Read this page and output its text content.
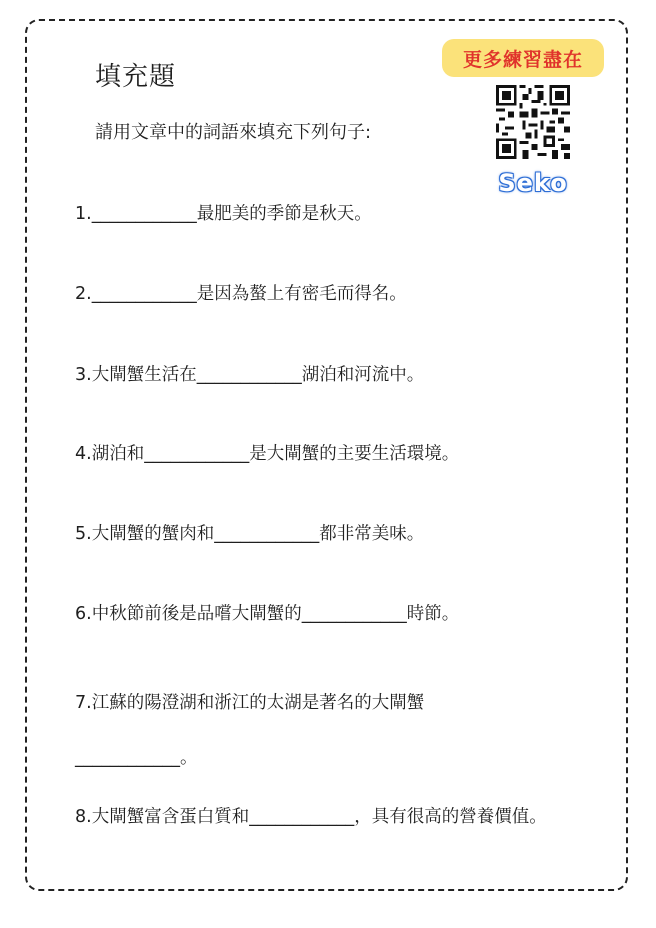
填充題
請用文章中的詞語來填充下列句子:
更多練習盡在
Seko
1.____________最肥美的季節是秋天。
2.____________是因為螯上有密毛而得名。
3.大閘蟹生活在____________湖泊和河流中。
4.湖泊和____________是大閘蟹的主要生活環境。
5.大閘蟹的蟹肉和____________都非常美味。
6.中秋節前後是品嚐大閘蟹的____________時節。
7.江蘇的陽澄湖和浙江的太湖是著名的大閘蟹____________。
8.大閘蟹富含蛋白質和____________，具有很高的營養價值。
